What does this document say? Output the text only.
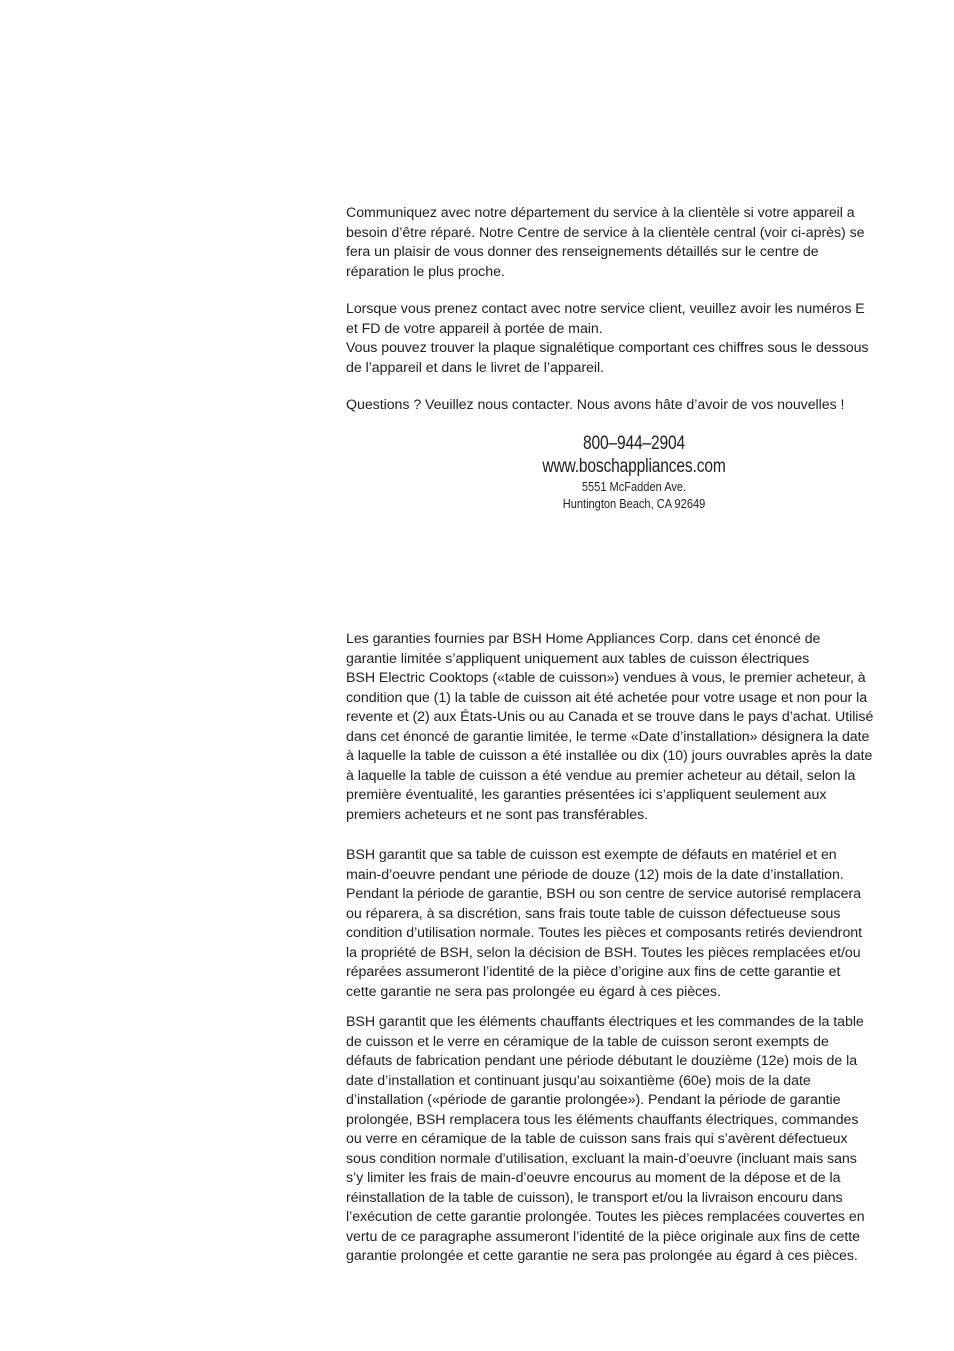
Communiquez avec notre département du service à la clientèle si votre appareil a
besoin d’être réparé. Notre Centre de service à la clientèle central (voir ci-après) se
fera un plaisir de vous donner des renseignements détaillés sur le centre de
réparation le plus proche.
Lorsque vous prenez contact avec notre service client, veuillez avoir les numéros E
et FD de votre appareil à portée de main.
Vous pouvez trouver la plaque signalétique comportant ces chiffres sous le dessous
de l’appareil et dans le livret de l’appareil.
Questions ? Veuillez nous contacter. Nous avons hâte d’avoir de vos nouvelles !
800–944–2904
www.boschappliances.com
5551 McFadden Ave.
Huntington Beach, CA 92649
Les garanties fournies par BSH Home Appliances Corp. dans cet énoncé de
garantie limitée s’appliquent uniquement aux tables de cuisson électriques
BSH Electric Cooktops («table de cuisson») vendues à vous, le premier acheteur, à
condition que (1) la table de cuisson ait été achetée pour votre usage et non pour la
revente et (2) aux États-Unis ou au Canada et se trouve dans le pays d’achat. Utilisé
dans cet énoncé de garantie limitée, le terme «Date d’installation» désignera la date
à laquelle la table de cuisson a été installée ou dix (10) jours ouvrables après la date
à laquelle la table de cuisson a été vendue au premier acheteur au détail, selon la
première éventualité, les garanties présentées ici s’appliquent seulement aux
premiers acheteurs et ne sont pas transférables.
BSH garantit que sa table de cuisson est exempte de défauts en matériel et en
main-d’oeuvre pendant une période de douze (12) mois de la date d’installation.
Pendant la période de garantie, BSH ou son centre de service autorisé remplacera
ou réparera, à sa discrétion, sans frais toute table de cuisson défectueuse sous
condition d’utilisation normale. Toutes les pièces et composants retirés deviendront
la propriété de BSH, selon la décision de BSH. Toutes les pièces remplacées et/ou
réparées assumeront l’identité de la pièce d’origine aux fins de cette garantie et
cette garantie ne sera pas prolongée eu égard à ces pièces.
BSH garantit que les éléments chauffants électriques et les commandes de la table
de cuisson et le verre en céramique de la table de cuisson seront exempts de
défauts de fabrication pendant une période débutant le douzième (12e) mois de la
date d’installation et continuant jusqu’au soixantième (60e) mois de la date
d’installation («période de garantie prolongée»). Pendant la période de garantie
prolongée, BSH remplacera tous les éléments chauffants électriques, commandes
ou verre en céramique de la table de cuisson sans frais qui s’avèrent défectueux
sous condition normale d’utilisation, excluant la main-d’oeuvre (incluant mais sans
s’y limiter les frais de main-d’oeuvre encourus au moment de la dépose et de la
réinstallation de la table de cuisson), le transport et/ou la livraison encouru dans
l’exécution de cette garantie prolongée. Toutes les pièces remplacées couvertes en
vertu de ce paragraphe assumeront l’identité de la pièce originale aux fins de cette
garantie prolongée et cette garantie ne sera pas prolongée au égard à ces pièces.
